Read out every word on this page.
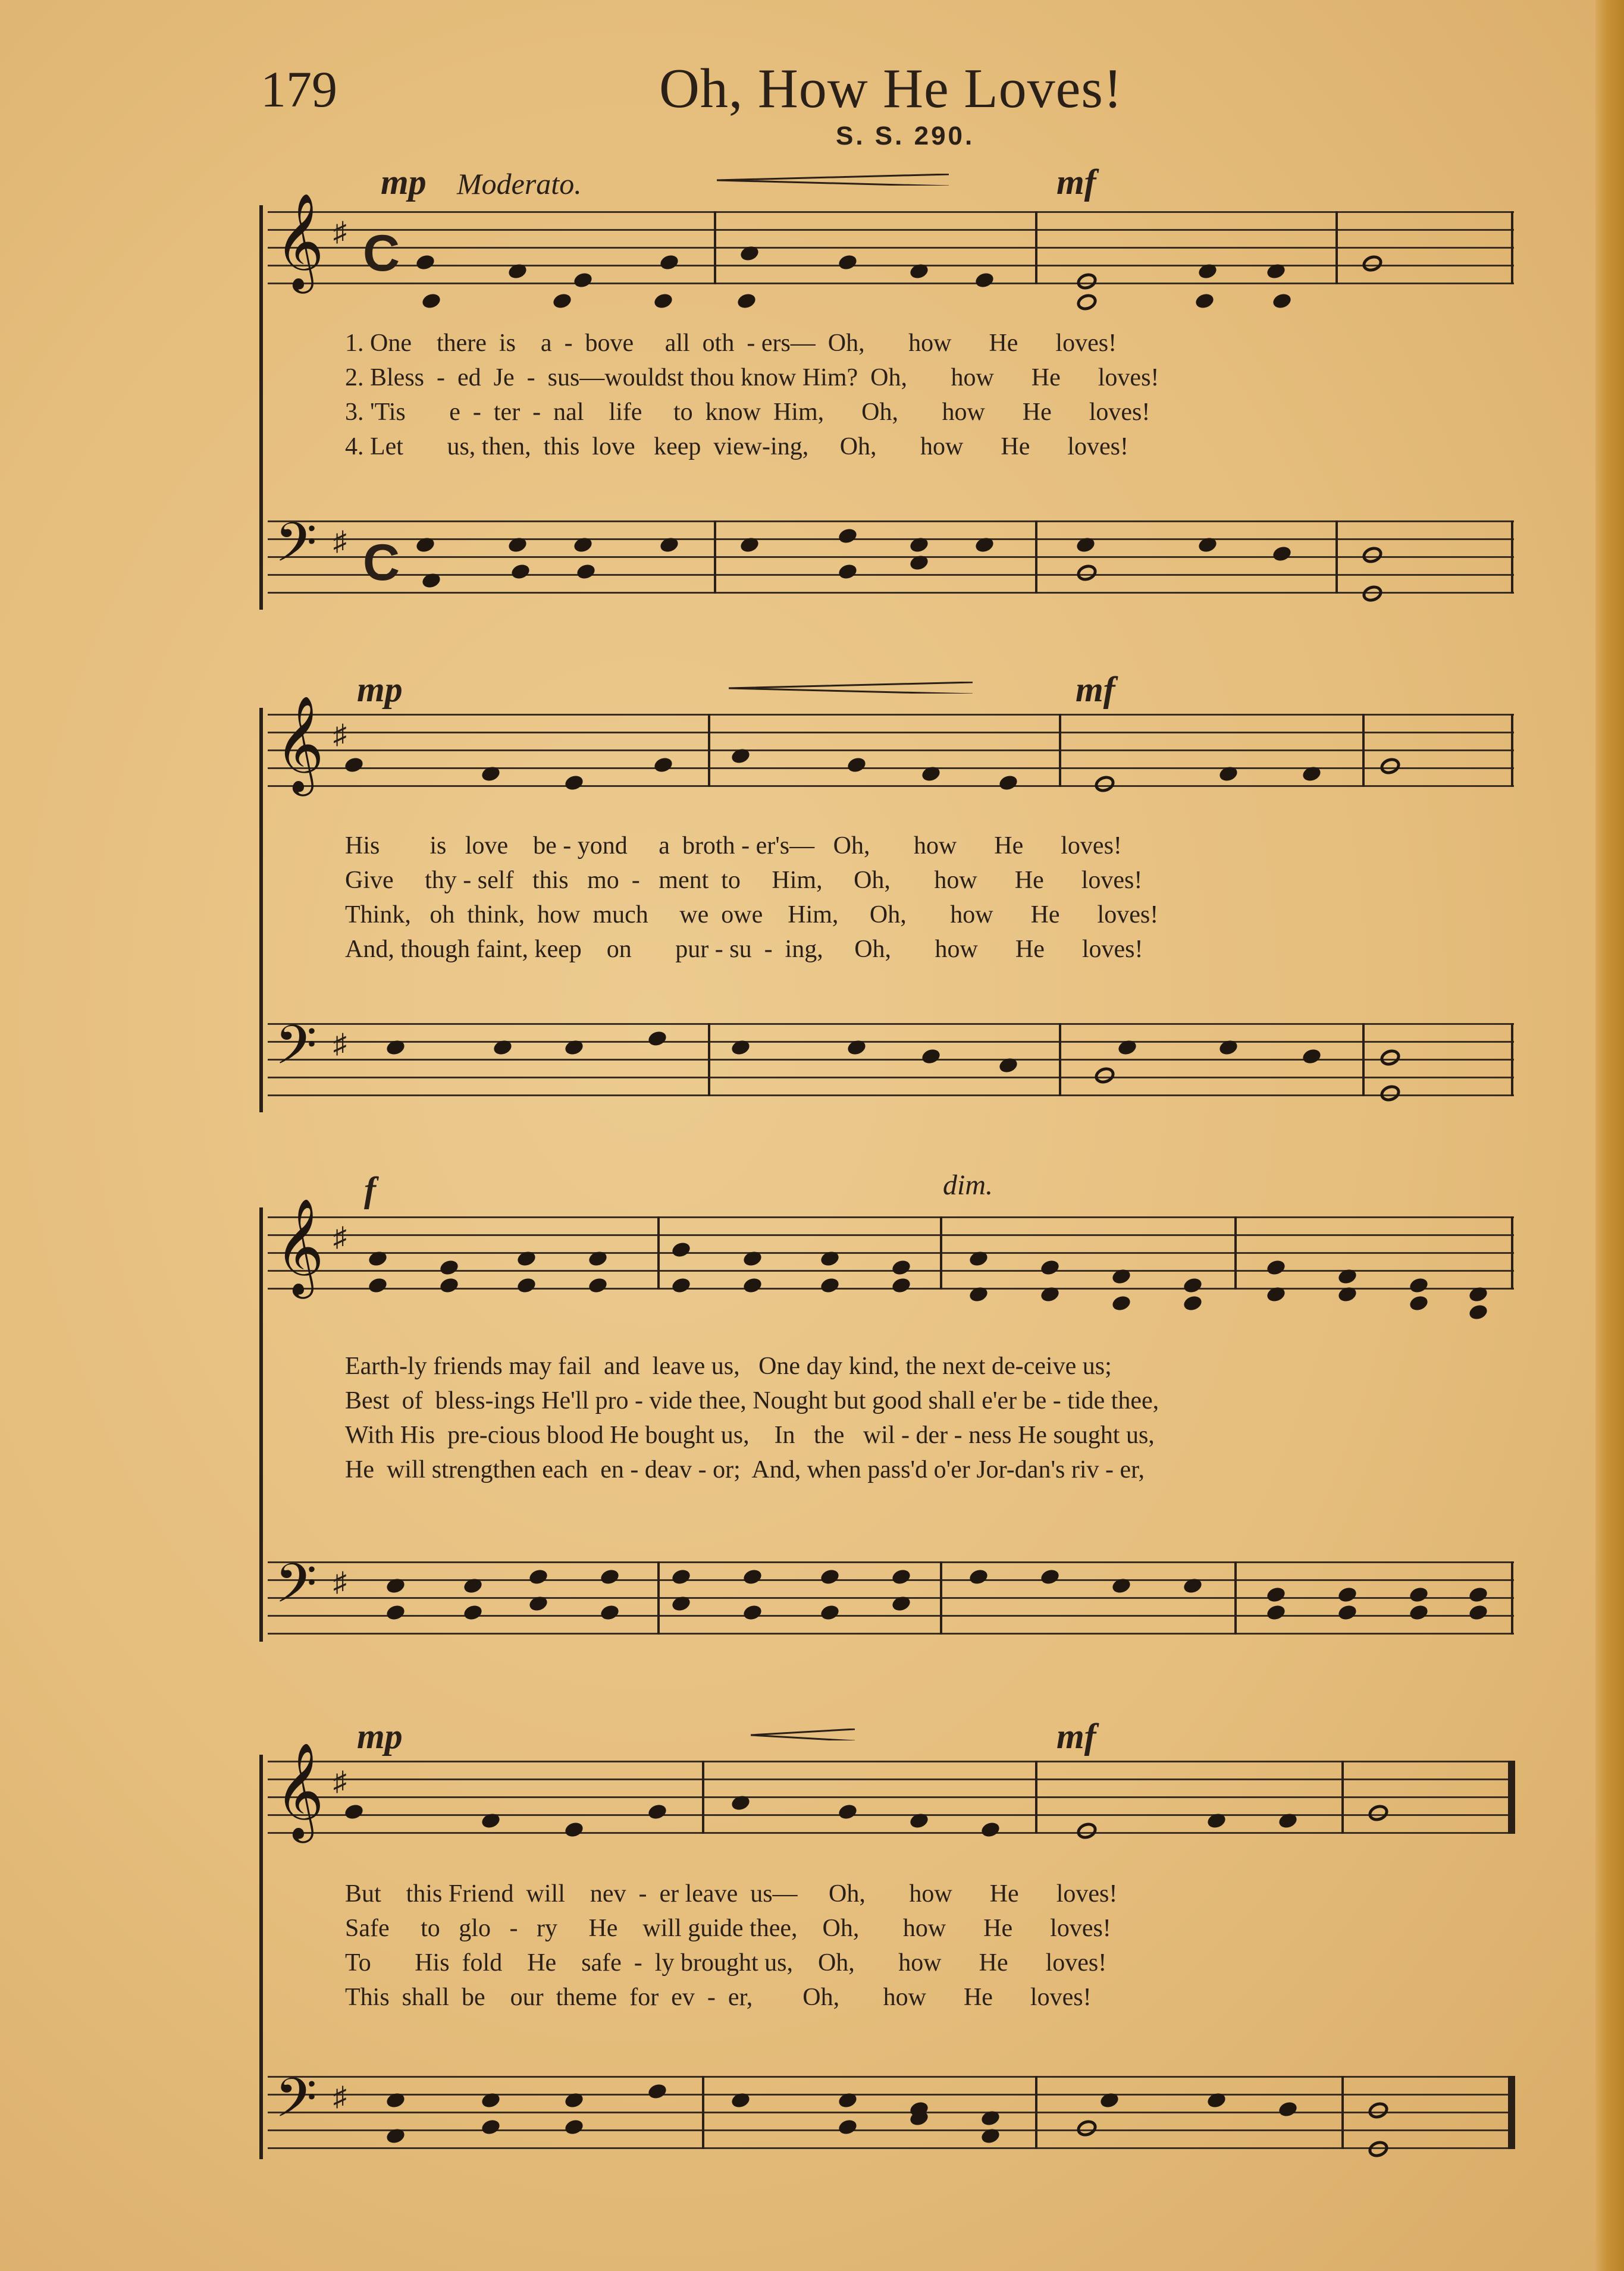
179	Oh, How He Loves!
S. S. 290.
mp Moderato.	mf
𝄞 ♯ C
1. One    there  is    a  -  bove     all  oth  - ers—  Oh,       how      He      loves!
2. Bless  -  ed  Je  -  sus—wouldst thou know Him?  Oh,       how      He      loves!
3. 'Tis       e  -  ter  -  nal    life     to  know  Him,      Oh,       how      He      loves!
4. Let       us, then,  this  love   keep  view-ing,     Oh,       how      He      loves!
𝄢 ♯ C
mp	mf
𝄞 ♯
His        is   love    be - yond     a  broth - er's—   Oh,       how      He      loves!
Give     thy - self   this   mo  -   ment  to     Him,     Oh,       how      He      loves!
Think,   oh  think,  how  much     we  owe    Him,     Oh,       how      He      loves!
And, though faint, keep    on       pur - su  -  ing,     Oh,       how      He      loves!
𝄢 ♯
f	dim.
𝄞 ♯
Earth-ly friends may fail  and  leave us,   One day kind, the next de-ceive us;
Best  of  bless-ings He'll pro - vide thee, Nought but good shall e'er be - tide thee,
With His  pre-cious blood He bought us,    In   the   wil - der - ness He sought us,
He  will strengthen each  en - deav - or;  And, when pass'd o'er Jor-dan's riv - er,
𝄢 ♯
mp	mf
𝄞 ♯
But    this Friend  will    nev  -  er leave  us—     Oh,       how      He      loves!
Safe     to   glo   -   ry     He    will guide thee,    Oh,       how      He      loves!
To       His  fold    He    safe  -  ly brought us,    Oh,       how      He      loves!
This  shall  be    our  theme  for  ev  -  er,        Oh,       how      He      loves!
𝄢 ♯
